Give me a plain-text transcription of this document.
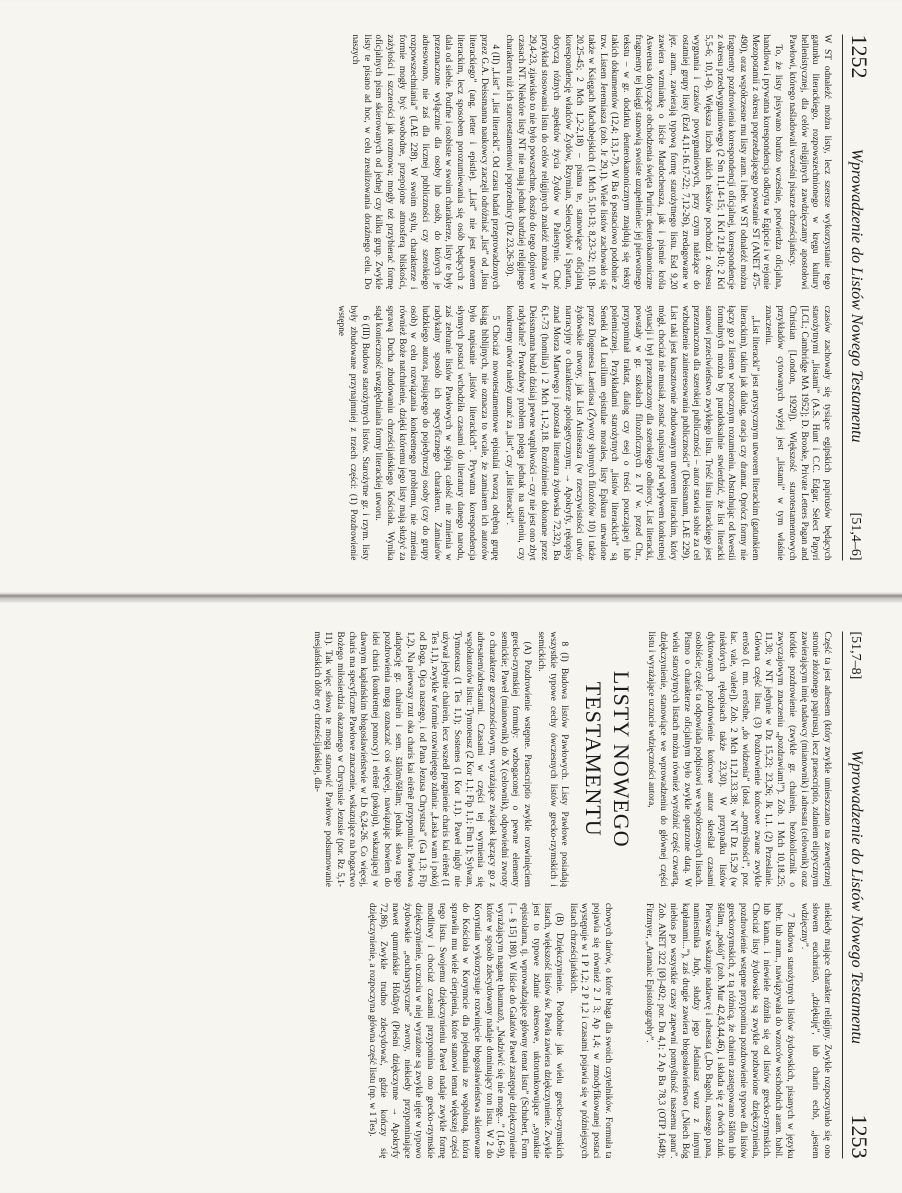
1252
Wprowadzenie do Listów Nowego Testamentu
[51,4–6]

W ST odnaleźć można listy, lecz szersze wykorzystanie tego gatunku literackiego, rozpowszechnionego w kręgu kultury hellenistycznej, dla celów religijnych zawdzięczamy apostołowi Pawłowi, którego naśladowali wcześni pisarze chrześcijańscy.

To, że listy pisywano bardzo wcześnie, potwierdza oficjalna, handlowa i prywatna korespondencja odkryta w Egipcie i w rejonie Mezopotamii z okresu poprzedzającego powstanie ST (ANET 475-490), oraz współczesne mu listy aram. i hebr. W ST odnaleźć można fragmenty pozdrowienia korespondencji oficjalnej, korespondencje z okresu przedwygnaniowego (2 Sm 11,14-15; 1 Krl 21,8-10; 2 Krl 5,5-6; 10,1-6). Większa liczba takich tekstów pochodzi z okresu wygnania i czasów powygnaniowych, przy czym należące do ostatniej grupy listy (Ezd 4,11-16.17-22; 7,12-26), zredagowane w jęz. aram., zawierają typową formę starożytnego listu. Esd 9,20 zawiera wzmiankę o liście Mardocheusza, jak i pismie króla Aswerusa dotyczące obchodzenia święta Purim; deuterokanoniczne fragmenty tej księgi stanowią swoiste uzupełnienie: jej pierwotnego tekstu – w gr. dodatku deuterokanonicznym znajdują się teksty takich dokumentów (12,4; 13,1-7). W Ba 6 postaciowo podobnie z tzw. Listem Jeremiasza (zob. Jr 29,1). Wiele listów zachowało się także w Księgach Machabejskich (1 Mch 5,10-13; 8,23-32; 10,18-20.25-45; 2 Mch 1,2-2,18) – pisma te, stanowiące oficjalną korespondencję władców Żydów, Rzymian, Seleucydów i Spartan, dotyczą różnych aspektów życia Żydów w Palestynie. Choć przykład stosowania listu do celów religijnych znaleźć można w Jr 29,4-23, zjawisko to nie było powszechne, doszło do tego dopiero w czasach NT. Niektóre listy NT nie mają jednak bardziej religijnego charakteru niż ich starotestamentowi poprzednicy (Dz 23,26-30).

4 (II) „List” i „list literacki”. Od czasu badań przeprowadzonych przez G.A. Deissmanna naukowcy zaczęli odróżniać „list” od „listu literackiego” (ang. letter i epistle). „List” nie jest utworem literackim, lecz sposobem porozumiewania się osób będących z dala od siebie. Poufne i osobiste w swoim charakterze, listy te były przeznaczone wyłącznie dla osoby lub osób, do których je adresowano, nie zaś dla licznej publiczności czy szerokiego rozpowszechniania” (LAE 228). W swoim stylu, charakterze i formie mogły być swobodne, przepojone atmosferą bliskości, zażyłości i szczerości jak rozmowa; mogły też przybierać formę oficjalnych pism skierowanych od jednej czy kilku grup. Zwykle listy te pisano ad hoc, w celu zrealizowania doraźnego celu. Do naszych

czasów zachowały się tysiące egipskich papirusów będących starożytnymi „listami” (A.S. Hunt i C.C. Edgar, Select Papyri [LCL; Cambridge MA 1952]; D. Brooke, Private Letters Pagan and Christian [London, 1929]). Większość starotestamentowych przykładów cytowanych wyżej jest „listami” w tym właśnie znaczeniu.

„List literacki” jest artystycznym utworem literackim (gatunkiem literackim), takim jak dialog, oracja czy dramat. Oprócz formy nie łączy go z listem w potocznym rozumieniu. Abstrahując od kwestii formalnych można by paradoksalnie stwierdzić, że list literacki stanowi przeciwieństwo zwykłego listu. Treść listu literackiego jest przeznaczona dla szerokiej publiczności – autor stawia sobie za cel wzbudzenie zainteresowania publiczności” (Deissmann, LAE 229). List taki jest kunsztownie zbudowanym utworem literackim, który mógł, chociaż nie musiał, zostać napisany pod wpływem konkretnej sytuacji i był przeznaczony dla szerokiego odbiorcy. List literacki, powstały w gr. szkołach filozoficznych z IV w. przed Chr., przypominał traktat, dialog czy esej o treści pouczającej lub polemicznej. Przykładami starożytnych „listów literackich” są Seneki Ad Lucilium epistulae morales, listy Epikura utrwalone przez Diogenesa Laertiosa (Żywoty słynnych filozofów 10) i także żydowskie utwory, jak List Aristeasza (w rzeczywistości utwór narracyjny o charakterze apologetycznym; → Apokryfy, rękopisy znad Morza Martwego i pozostała literatura żydowska 72,32), Ba 6,1-73 (homilia) i 2 Mch 1,1-2,18. Rozróżnienie dokonane przez Deissmanna budzi dzisiaj pewne wątpliwości – czy nie jest ono zbyt radykalne? Prawdziwy problem polega jednak na ustaleniu, czy konkretny utwór należy uznać za „list”, czy „list literacki”.

5 Chociaż nowotestamentowe epistulai tworzą odrębną grupę ksiąg biblijnych, nie oznacza to wcale, że zamiarem ich autorów było napisanie „listów literackich”. Prywatna korespondencja słynnych postaci wchodziła czasami do literatury danego narodu, zaś zebranie listów Pawłowych w spójną całość nie zmienia w radykalny sposób ich specyficznego charakteru. Zamiarów ludzkiego autora, pisującego do pojedynczej osoby (czy do grupy osób) w celu rozwiązania konkretnego problemu, nie zmienia również Boże natchnienie, dzięki któremu jego listy mają służyć za sprawą Ducha zbudowaniu chrześcijańskiego Kościoła. Wynika stąd konieczność uwzględniania formy literackiej utworu.

6 (III) Budowa starożytnych listów. Starożytne gr. i rzym. listy były zbudowane przynajmniej z trzech części: (1) Pozdrowienie wstępne

[51,7–8]
Wprowadzenie do Listów Nowego Testamentu
1253

Część ta jest adresem (który zwykle umieszczano na zewnętrznej stronie złożonego papirusu), lecz praescriptio, zdaniem eliptycznym zawierającym imię nadawcy (mianownik) i adresata (celownik) oraz krótkie pozdrowienie (zwykle gr. chairein, bezokolicznik o zwyczajowym znaczeniu „pozdrawiam!”). Zob. 1 Mch 10,18.25; 11,30; w NT jedynie w Dz 15,23; 23,26; Jk 1,1. (2) Przesłanie. Główna część listu. (3) Pozdrowienie końcowe zwane zwykle errōsō (l. mn. errōsthe, „do widzenia” [dosł. „pomyślności”, por. łac. vale, valete]). Zob. 2 Mch 11,21.33.38; w NT Dz 15,29 (w niektórych rękopisach także 23,30). W przypadku listów dyktowanych pozdrowienie końcowe autor skreślał czasami osobiście; część ta odpowiada podpisowi we współczesnych listach. Pismo o charakterze oficjalnym było zwykle opatrzone datą. W wielu starożytnych listach można również wyróżnić część czwartą, dziękczynienie, stanowiące we wprowadzeniu do głównej części listu i wyrażające uczucie wdzięczności autora,

LISTY NOWEGO TESTAMENTU

8 (I) Budowa listów Pawłowych. Listy Pawłowe posiadają wszystkie typowe cechy ówczesnych listów grecko-rzymskich i semickich.

(A) Pozdrowienie wstępne. Praescriptio zwykle rozwinięciem grecko-rzymskiej formuły: wzbogaconej o pewne elementy semickie; Paweł (mianownik) do X (celownik), odpowiedni zwroty o charakterze grzecznościowym, wyrażające związek łączący go z adresatem/adresatami. Czasami w części tej wymienia się współautorów listu: Tymoteusz (2 Kor 1,1; Flp 1,1; Flm 1); Sylwan, Tymoteusz (1 Tes 1,1); Sostenes (1 Kor 1,1). Paweł nigdy nie używał jedynie chairein, lecz wszedł pragnienie charis kai eirēnē (1 Tes 1,1), zwykle w formie rozwiniętego zdania: „Łaska wam i pokój od Boga, Ojca naszego, i od Pana Jezusa Chrystusa” (Ga 1,3; Flp 1,2). Na pierwszy rzut oka charis kai eirēnē przypomina: Pawłowa adaptację gr. chairein i sem. šālōm/šĕlām; jednak słowa tego pozdrowienia mogą oznaczać coś więcej, nawiązując bowiem do idei charis (konkretnej pomocy) i eirēnē (pokoju), wskazującej w dawnym kapłańskim błogosławieństwie w Lb 6,24-26. Co więcej, charis ma specyficzne Pawłowe znaczenie, wskazujące na bogactwo Bożego miłosierdzia okazanego w Chrystusie Jezusie (por. Rz 5,1-11). Tak więc słowa te mogą stanowić Pawłowe podsumowanie mesjańskich dóbr ery chrześcijańskiej, dla-

niekiedy mające charakter religijny. Zwykle rozpoczynało się ono słowem eucharistō, „dziękuję”, lub charin echō, „jestem wdzięczny”.

7 Budowa starożytnych listów żydowskich, pisanych w języku hebr. lub aram., nawiązywała do wzorców wschodnich aram. babil. lub kanan. i niewiele różniła się od listów grecko-rzymskich. Chociaż listy żydowskie są zwykle pozbawione dziękczynienia, pozdrowienie wstępne przypomina pozdrowienie typowe dla listów greckorzymskich, z tą różnicą, że chairein zastępowano šālōm lub šĕlām, „pokój” (zob. Mur 42,43,44,46), i składa się z dwóch zdań. Pierwsze wskazuje nadawcę i adresata („Do Bagohi, naszego pana, namiestnika Judy, słudzy jego Jedaniasz wraz z innymi kapłanami...”), zaś drugie zawiera błogosławieństwo („Niech Bóg niebios po wszystkie czasy zapewni pomyślność naszemu panu”. Zob. ANET 322 [Ø]-492; por. Dn 4,1; 2 Ap Ba 78,3 (OTP 1,648); Fitzmyer, „Aramaic Epistolography”.

chowych darów, o które błaga dla swoich czytelników. Formuła ta pojawia się również 2 J 3; Ap 1,4; w zmodyfikowanej postaci występuje w 1 P 1,2; 2 P 1,2 i czasami pojawia się w późniejszych listach chrześcijańskich.

(B) Dziękczynienie. Podobnie jak wielu grecko-rzymskich listach, większość listów św. Pawła zawiera dziękczynienie. Zwykle jest to typowe zdanie okresowe, uktorunkowujące „synaktie epistolarna, tj. wprowadzające główny temat listu” (Schubert, Form [→ § 15] 180). W liście do Galatów Paweł zastępuje dziękczynienie wyrażającym naganę thaumazō, „Nadziwić się nie mogę...” (1,6-9), które w sposób zdecydowany nadaje dominujący ton listu. W 2 do Koryntian wykorzystuje rozwinięcie błogosławieństwa skierowane do Kościoła w Korynncie dla pojednania ze wspólnotą, która sprawiła mu wiele cierpienia, które stanowi temat większej części tego listu. Swojemu dziękczynieniu Paweł nadaje zwykle formę modlitwy i chociaż czasami przypomina ono grecko-rzymskie dziękczynienie, uczuciu w niej wyrażone są zwykle ujęte w typowo żydowskie „eucharystyczne” zwroty, niekiedy przypominające nawet qumrańskie Hôdāyôt (Pieśni dziękczynne → Apokryfy 72,86). Zwykle trudno zdecydować, gdzie kończy się dziękczynienie, a rozpoczyna główna część listu (np. w 1 Tes).
